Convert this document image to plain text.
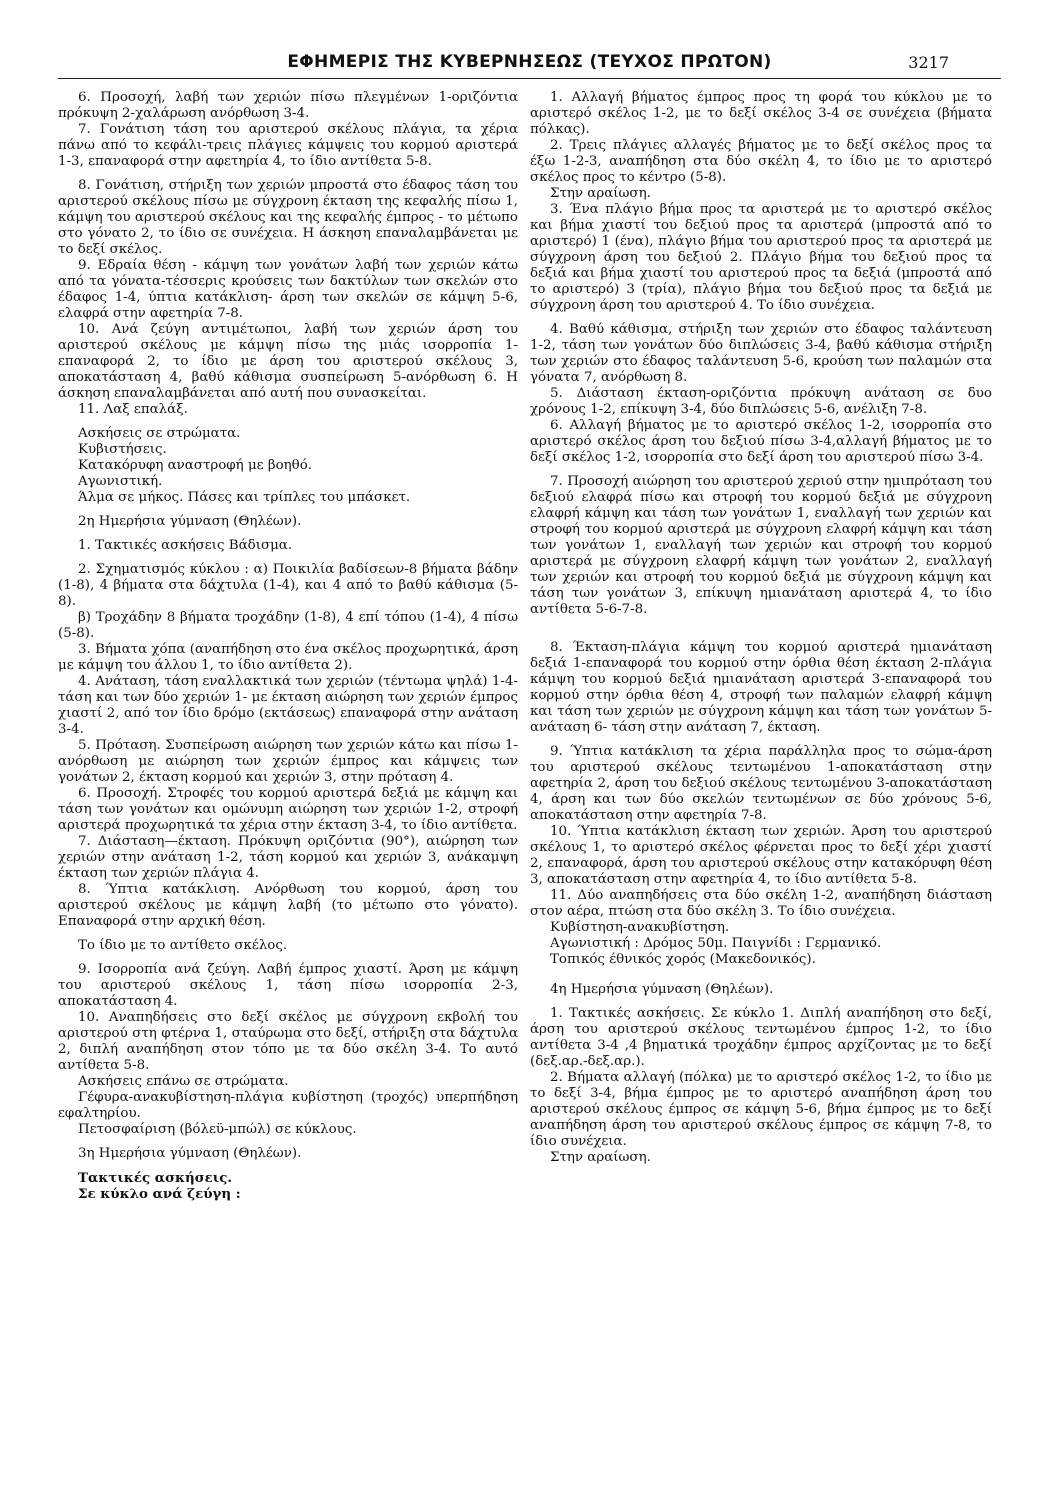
ΕΦΗΜΕΡΙΣ ΤΗΣ ΚΥΒΕΡΝΗΣΕΩΣ (ΤΕΥΧΟΣ ΠΡΩΤΟΝ)	3217

6. Προσοχή, λαβή των χεριών πίσω πλεγμένων 1-οριζόντια πρόκυψη 2-χαλάρωση ανόρθωση 3-4.

7. Γονάτιση τάση του αριστερού σκέλους πλάγια, τα χέρια πάνω από το κεφάλι-τρεις πλάγιες κάμψεις του κορμού αριστερά 1-3, επαναφορά στην αφετηρία 4, το ίδιο αντίθετα 5-8.

8. Γονάτιση, στήριξη των χεριών μπροστά στο έδαφος τάση του αριστερού σκέλους πίσω με σύγχρονη έκταση της κεφαλής πίσω 1, κάμψη του αριστερού σκέλους και της κεφαλής έμπρος - το μέτωπο στο γόνατο 2, το ίδιο σε συνέχεια. Η άσκηση επαναλαμβάνεται με το δεξί σκέλος.

9. Εδραία θέση - κάμψη των γονάτων λαβή των χεριών κάτω από τα γόνατα-τέσσερις κρούσεις των δακτύλων των σκελών στο έδαφος 1-4, ύπτια κατάκλιση- άρση των σκελών σε κάμψη 5-6, ελαφρά στην αφετηρία 7-8.

10. Ανά ζεύγη αντιμέτωποι, λαβή των χεριών άρση του αριστερού σκέλους με κάμψη πίσω της μιάς ισορροπία 1-επαναφορά 2, το ίδιο με άρση του αριστερού σκέλους 3, αποκατάσταση 4, βαθύ κάθισμα συσπείρωση 5-ανόρθωση 6. Η άσκηση επαναλαμβάνεται από αυτή που συνασκείται.

11. Λαξ επαλάξ.

Ασκήσεις σε στρώματα.

Κυβιστήσεις.

Κατακόρυφη αναστροφή με βοηθό.

Αγωνιστική.

Άλμα σε μήκος. Πάσες και τρίπλες του μπάσκετ.

2η Ημερήσια γύμναση (Θηλέων).

1. Τακτικές ασκήσεις Βάδισμα.

2. Σχηματισμός κύκλου : α) Ποικιλία βαδίσεων-8 βήματα βάδην (1-8), 4 βήματα στα δάχτυλα (1-4), και 4 από το βαθύ κάθισμα (5-8).

β) Τροχάδην 8 βήματα τροχάδην (1-8), 4 επί τόπου (1-4), 4 πίσω (5-8).

3. Βήματα χόπα (αναπήδηση στο ένα σκέλος προχωρητικά, άρση με κάμψη του άλλου 1, το ίδιο αντίθετα 2).

4. Ανάταση, τάση εναλλακτικά των χεριών (τέντωμα ψηλά) 1-4-τάση και των δύο χεριών 1- με έκταση αιώρηση των χεριών έμπρος χιαστί 2, από τον ίδιο δρόμο (εκτάσεως) επαναφορά στην ανάταση 3-4.

5. Πρόταση. Συσπείρωση αιώρηση των χεριών κάτω και πίσω 1-ανόρθωση με αιώρηση των χεριών έμπρος και κάμψεις των γονάτων 2, έκταση κορμού και χεριών 3, στην πρόταση 4.

6. Προσοχή. Στροφές του κορμού αριστερά δεξιά με κάμψη και τάση των γονάτων και ομώνυμη αιώρηση των χεριών 1-2, στροφή αριστερά προχωρητικά τα χέρια στην έκταση 3-4, το ίδιο αντίθετα.

7. Διάσταση—έκταση. Πρόκυψη οριζόντια (90°), αιώρηση των χεριών στην ανάταση 1-2, τάση κορμού και χεριών 3, ανάκαμψη έκταση των χεριών πλάγια 4.

8. Ύπτια κατάκλιση. Ανόρθωση του κορμού, άρση του αριστερού σκέλους με κάμψη λαβή (το μέτωπο στο γόνατο). Επαναφορά στην αρχική θέση.

Το ίδιο με το αντίθετο σκέλος.

9. Ισορροπία ανά ζεύγη. Λαβή έμπρος χιαστί. Άρση με κάμψη του αριστερού σκέλους 1, τάση πίσω ισορροπία 2-3, αποκατάσταση 4.

10. Αναπηδήσεις στο δεξί σκέλος με σύγχρονη εκβολή του αριστερού στη φτέρνα 1, σταύρωμα στο δεξί, στήριξη στα δάχτυλα 2, διπλή αναπήδηση στον τόπο με τα δύο σκέλη 3-4. Το αυτό αντίθετα 5-8.

Ασκήσεις επάνω σε στρώματα.

Γέφυρα-ανακυβίστηση-πλάγια κυβίστηση (τροχός) υπερπήδηση εφαλτηρίου.

Πετοσφαίριση (βόλεϋ-μπώλ) σε κύκλους.

3η Ημερήσια γύμναση (Θηλέων).

Τακτικές ασκήσεις.

Σε κύκλο ανά ζεύγη :

1. Αλλαγή βήματος έμπρος προς τη φορά του κύκλου με το αριστερό σκέλος 1-2, με το δεξί σκέλος 3-4 σε συνέχεια (βήματα πόλκας).

2. Τρεις πλάγιες αλλαγές βήματος με το δεξί σκέλος προς τα έξω 1-2-3, αναπήδηση στα δύο σκέλη 4, το ίδιο με το αριστερό σκέλος προς το κέντρο (5-8).

Στην αραίωση.

3. Ένα πλάγιο βήμα προς τα αριστερά με το αριστερό σκέλος και βήμα χιαστί του δεξιού προς τα αριστερά (μπροστά από το αριστερό) 1 (ένα), πλάγιο βήμα του αριστερού προς τα αριστερά με σύγχρονη άρση του δεξιού 2. Πλάγιο βήμα του δεξιού προς τα δεξιά και βήμα χιαστί του αριστερού προς τα δεξιά (μπροστά από το αριστερό) 3 (τρία), πλάγιο βήμα του δεξιού προς τα δεξιά με σύγχρονη άρση του αριστερού 4. Το ίδιο συνέχεια.

4. Βαθύ κάθισμα, στήριξη των χεριών στο έδαφος ταλάντευση 1-2, τάση των γονάτων δύο διπλώσεις 3-4, βαθύ κάθισμα στήριξη των χεριών στο έδαφος ταλάντευση 5-6, κρούση των παλαμών στα γόνατα 7, ανόρθωση 8.

5. Διάσταση έκταση-οριζόντια πρόκυψη ανάταση σε δυο χρόνους 1-2, επίκυψη 3-4, δύο διπλώσεις 5-6, ανέλιξη 7-8.

6. Αλλαγή βήματος με το αριστερό σκέλος 1-2, ισορροπία στο αριστερό σκέλος άρση του δεξιού πίσω 3-4,αλλαγή βήματος με το δεξί σκέλος 1-2, ισορροπία στο δεξί άρση του αριστερού πίσω 3-4.

7. Προσοχή αιώρηση του αριστερού χεριού στην ημιπρόταση του δεξιού ελαφρά πίσω και στροφή του κορμού δεξιά με σύγχρονη ελαφρή κάμψη και τάση των γονάτων 1, εναλλαγή των χεριών και στροφή του κορμού αριστερά με σύγχρονη ελαφρή κάμψη και τάση των γονάτων 1, εναλλαγή των χεριών και στροφή του κορμού αριστερά με σύγχρονη ελαφρή κάμψη των γονάτων 2, εναλλαγή των χεριών και στροφή του κορμού δεξιά με σύγχρονη κάμψη και τάση των γονάτων 3, επίκυψη ημιανάταση αριστερά 4, το ίδιο αντίθετα 5-6-7-8.

8. Έκταση-πλάγια κάμψη του κορμού αριστερά ημιανάταση δεξιά 1-επαναφορά του κορμού στην όρθια θέση έκταση 2-πλάγια κάμψη του κορμού δεξιά ημιανάταση αριστερά 3-επαναφορά του κορμού στην όρθια θέση 4, στροφή των παλαμών ελαφρή κάμψη και τάση των χεριών με σύγχρονη κάμψη και τάση των γονάτων 5-ανάταση 6- τάση στην ανάταση 7, έκταση.

9. Ύπτια κατάκλιση τα χέρια παράλληλα προς το σώμα-άρση του αριστερού σκέλους τεντωμένου 1-αποκατάσταση στην αφετηρία 2, άρση του δεξιού σκέλους τεντωμένου 3-αποκατάσταση 4, άρση και των δύο σκελών τεντωμένων σε δύο χρόνους 5-6, αποκατάσταση στην αφετηρία 7-8.

10. Ύπτια κατάκλιση έκταση των χεριών. Άρση του αριστερού σκέλους 1, το αριστερό σκέλος φέρνεται προς το δεξί χέρι χιαστί 2, επαναφορά, άρση του αριστερού σκέλους στην κατακόρυφη θέση 3, αποκατάσταση στην αφετηρία 4, το ίδιο αντίθετα 5-8.

11. Δύο αναπηδήσεις στα δύο σκέλη 1-2, αναπήδηση διάσταση στον αέρα, πτώση στα δύο σκέλη 3. Το ίδιο συνέχεια.

Κυβίστηση-ανακυβίστηση.

Αγωνιστική : Δρόμος 50μ. Παιγνίδι : Γερμανικό.

Τοπικός έθνικός χορός (Μακεδονικός).

4η Ημερήσια γύμναση (Θηλέων).

1. Τακτικές ασκήσεις. Σε κύκλο 1. Διπλή αναπήδηση στο δεξί, άρση του αριστερού σκέλους τεντωμένου έμπρος 1-2, το ίδιο αντίθετα 3-4 ,4 βηματικά τροχάδην έμπρος αρχίζοντας με το δεξί (δεξ.αρ.-δεξ.αρ.).

2. Βήματα αλλαγή (πόλκα) με το αριστερό σκέλος 1-2, το ίδιο με το δεξί 3-4, βήμα έμπρος με το αριστερό αναπήδηση άρση του αριστερού σκέλους έμπρος σε κάμψη 5-6, βήμα έμπρος με το δεξί αναπήδηση άρση του αριστερού σκέλους έμπρος σε κάμψη 7-8, το ίδιο συνέχεια.

Στην αραίωση.
